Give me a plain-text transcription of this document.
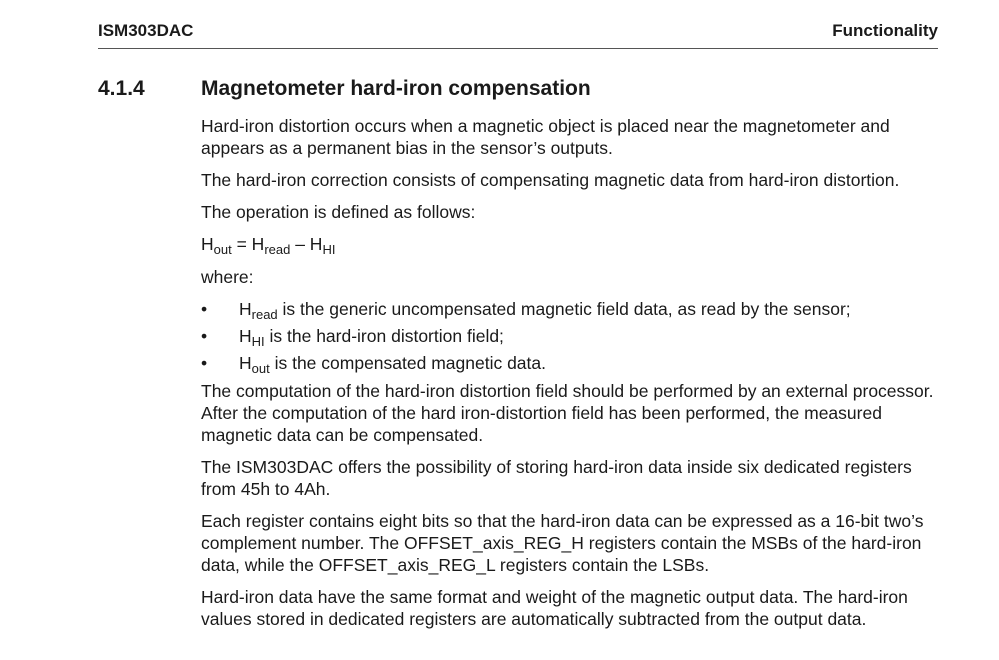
ISM303DAC	Functionality
4.1.4	Magnetometer hard-iron compensation

Hard-iron distortion occurs when a magnetic object is placed near the magnetometer and appears as a permanent bias in the sensor’s outputs.

The hard-iron correction consists of compensating magnetic data from hard-iron distortion.

The operation is defined as follows:

$H_{out} = H_{read} - H_{HI}$

where:

• $H_{read}$ is the generic uncompensated magnetic field data, as read by the sensor;
• $H_{HI}$ is the hard-iron distortion field;
• $H_{out}$ is the compensated magnetic data.

The computation of the hard-iron distortion field should be performed by an external processor. After the computation of the hard iron-distortion field has been performed, the measured magnetic data can be compensated.

The ISM303DAC offers the possibility of storing hard-iron data inside six dedicated registers from 45h to 4Ah.

Each register contains eight bits so that the hard-iron data can be expressed as a 16-bit two’s complement number. The OFFSET_axis_REG_H registers contain the MSBs of the hard-iron data, while the OFFSET_axis_REG_L registers contain the LSBs.

Hard-iron data have the same format and weight of the magnetic output data. The hard-iron values stored in dedicated registers are automatically subtracted from the output data.
